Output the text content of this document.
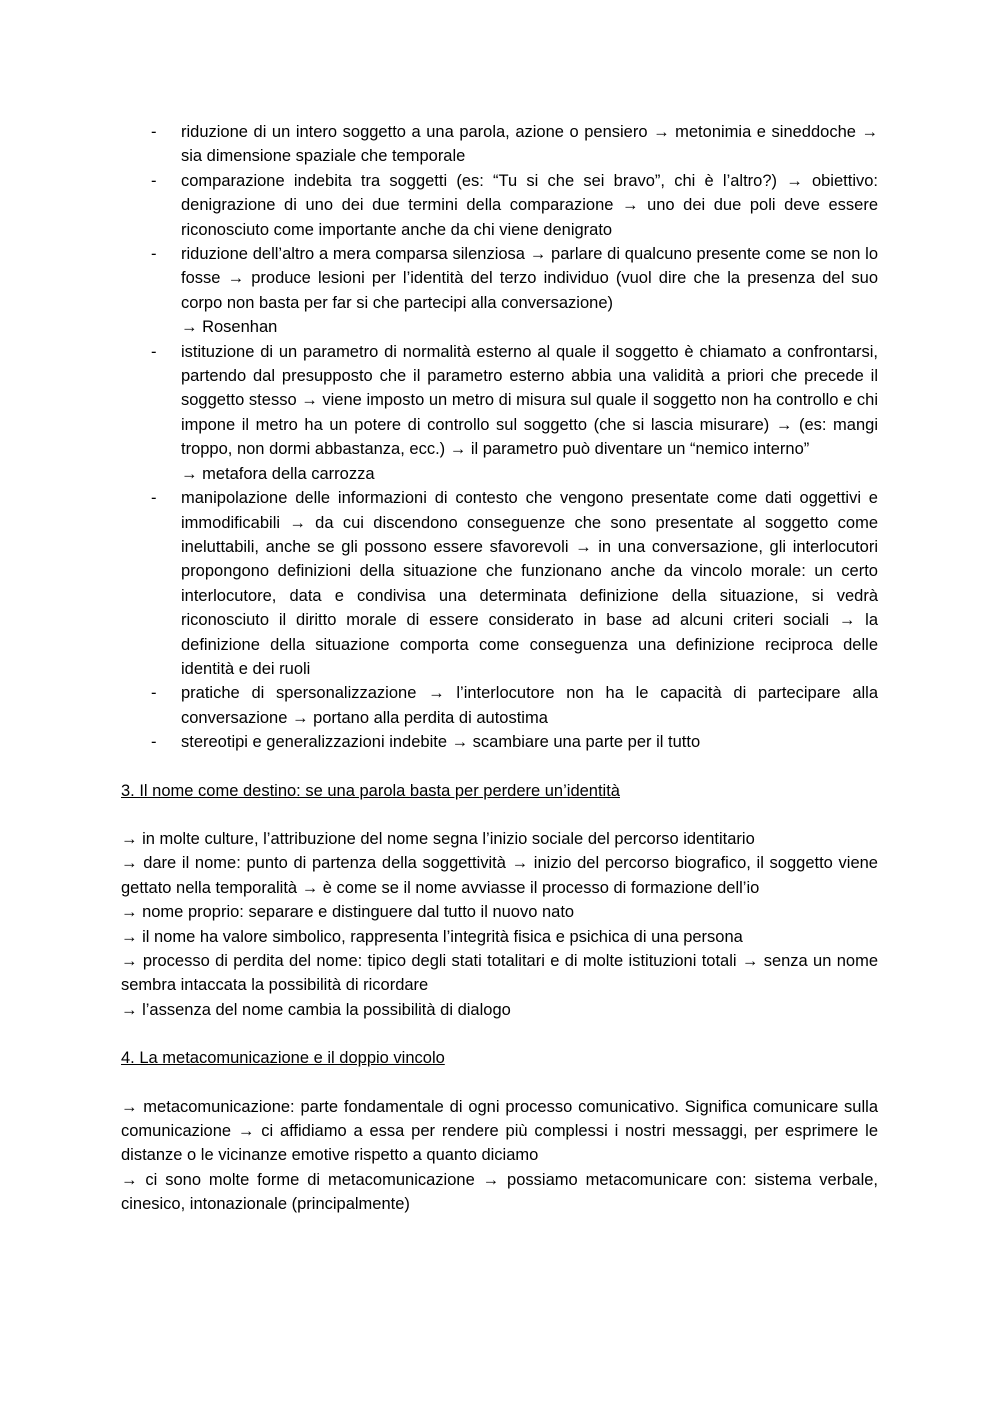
- riduzione di un intero soggetto a una parola, azione o pensiero → metonimia e sineddoche → sia dimensione spaziale che temporale
- comparazione indebita tra soggetti (es: “Tu si che sei bravo”, chi è l’altro?) → obiettivo: denigrazione di uno dei due termini della comparazione → uno dei due poli deve essere riconosciuto come importante anche da chi viene denigrato
- riduzione dell’altro a mera comparsa silenziosa → parlare di qualcuno presente come se non lo fosse → produce lesioni per l’identità del terzo individuo (vuol dire che la presenza del suo corpo non basta per far si che partecipi alla conversazione)
→ Rosenhan
- istituzione di un parametro di normalità esterno al quale il soggetto è chiamato a confrontarsi, partendo dal presupposto che il parametro esterno abbia una validità a priori che precede il soggetto stesso → viene imposto un metro di misura sul quale il soggetto non ha controllo e chi impone il metro ha un potere di controllo sul soggetto (che si lascia misurare) → (es: mangi troppo, non dormi abbastanza, ecc.) → il parametro può diventare un “nemico interno”
→ metafora della carrozza
- manipolazione delle informazioni di contesto che vengono presentate come dati oggettivi e immodificabili → da cui discendono conseguenze che sono presentate al soggetto come ineluttabili, anche se gli possono essere sfavorevoli → in una conversazione, gli interlocutori propongono definizioni della situazione che funzionano anche da vincolo morale: un certo interlocutore, data e condivisa una determinata definizione della situazione, si vedrà riconosciuto il diritto morale di essere considerato in base ad alcuni criteri sociali → la definizione della situazione comporta come conseguenza una definizione reciproca delle identità e dei ruoli
- pratiche di spersonalizzazione → l’interlocutore non ha le capacità di partecipare alla conversazione → portano alla perdita di autostima
- stereotipi e generalizzazioni indebite → scambiare una parte per il tutto
3. Il nome come destino: se una parola basta per perdere un’identità

→ in molte culture, l’attribuzione del nome segna l’inizio sociale del percorso identitario

→ dare il nome: punto di partenza della soggettività → inizio del percorso biografico, il soggetto viene gettato nella temporalità → è come se il nome avviasse il processo di formazione dell’io

→ nome proprio: separare e distinguere dal tutto il nuovo nato

→ il nome ha valore simbolico, rappresenta l’integrità fisica e psichica di una persona

→ processo di perdita del nome: tipico degli stati totalitari e di molte istituzioni totali → senza un nome sembra intaccata la possibilità di ricordare

→ l’assenza del nome cambia la possibilità di dialogo

4. La metacomunicazione e il doppio vincolo

→ metacomunicazione: parte fondamentale di ogni processo comunicativo. Significa comunicare sulla comunicazione → ci affidiamo a essa per rendere più complessi i nostri messaggi, per esprimere le distanze o le vicinanze emotive rispetto a quanto diciamo

→ ci sono molte forme di metacomunicazione → possiamo metacomunicare con: sistema verbale, cinesico, intonazionale (principalmente)
